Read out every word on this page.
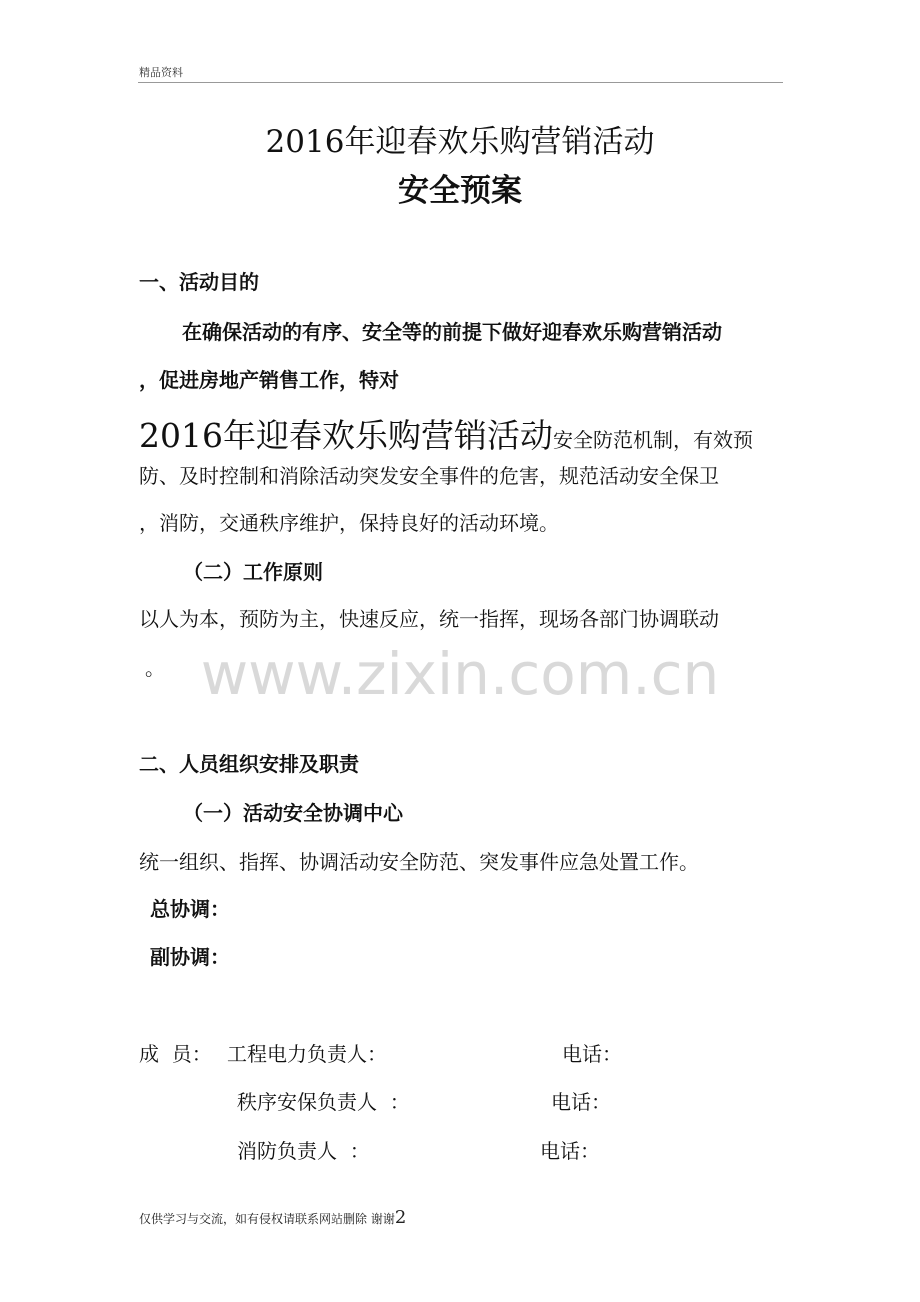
精品资料
2016年迎春欢乐购营销活动
安全预案
一、活动目的
在确保活动的有序、安全等的前提下做好迎春欢乐购营销活动
，促进房地产销售工作，特对
2016年迎春欢乐购营销活动安全防范机制，有效预
防、及时控制和消除活动突发安全事件的危害，规范活动安全保卫
，消防，交通秩序维护，保持良好的活动环境。
（二）工作原则
以人为本，预防为主，快速反应，统一指挥，现场各部门协调联动
。 www.zixin.com.cn
二、人员组织安排及职责
（一）活动安全协调中心
统一组织、指挥、协调活动安全防范、突发事件应急处置工作。
总协调：
副协调：
成  员： 工程电力负责人：	电话：
秩序安保负责人  ：	电话：
消防负责人  ：	电话：
仅供学习与交流，如有侵权请联系网站删除 谢谢2
